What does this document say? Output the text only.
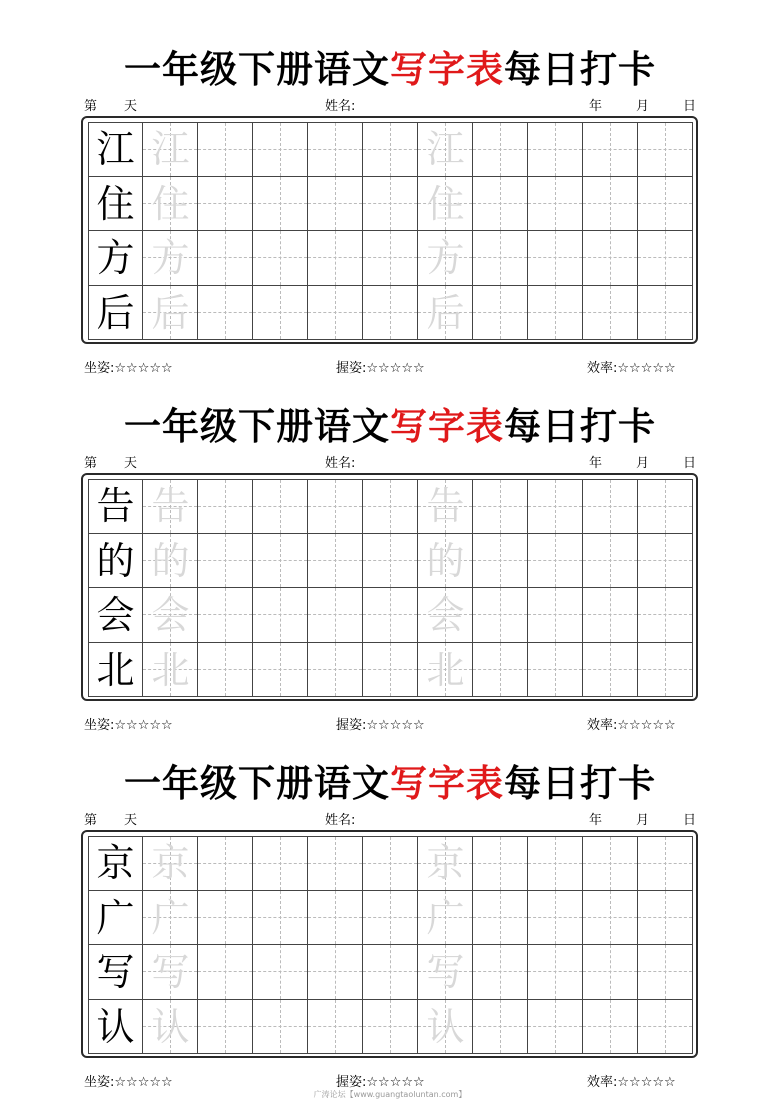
一年级下册语文写字表每日打卡
第 天	姓名:	年	月	日
江 江	江
住 住	住
方 方	方
后 后	后
坐姿:☆☆☆☆☆	握姿:☆☆☆☆☆	效率:☆☆☆☆☆
一年级下册语文写字表每日打卡
第 天	姓名:	年	月	日
告 告	告
的 的	的
会 会	会
北 北	北
坐姿:☆☆☆☆☆	握姿:☆☆☆☆☆	效率:☆☆☆☆☆
一年级下册语文写字表每日打卡
第 天	姓名:	年	月	日
京 京	京
广 广	广
写 写	写
认 认	认
坐姿:☆☆☆☆☆	握姿:☆☆☆☆☆	效率:☆☆☆☆☆
广涛论坛【www.guangtaoluntan.com】
